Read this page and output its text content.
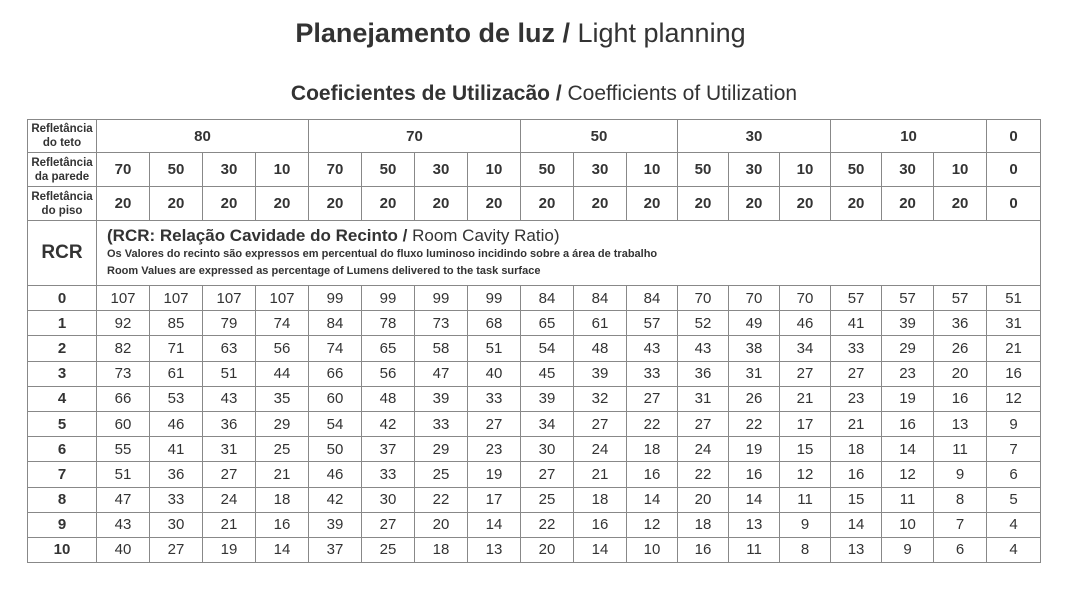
Planejamento de luz / Light planning
Coeficientes de Utilizacão / Coefficients of Utilization
Refletância
do teto	80				70				50			30			10			0
Refletância
da parede	70	50	30	10	70	50	30	10	50	30	10	50	30	10	50	30	10	0
Refletância
do piso	20	20	20	20	20	20	20	20	20	20	20	20	20	20	20	20	20	0
RCR	(RCR: Relação Cavidade do Recinto / Room Cavity Ratio)
Os Valores do recinto são expressos em percentual do fluxo luminoso incidindo sobre a área de trabalho
Room Values are expressed as percentage of Lumens delivered to the task surface																	

0	107	107	107	107	99	99	99	99	84	84	84	70	70	70	57	57	57	51
1	92	85	79	74	84	78	73	68	65	61	57	52	49	46	41	39	36	31
2	82	71	63	56	74	65	58	51	54	48	43	43	38	34	33	29	26	21
3	73	61	51	44	66	56	47	40	45	39	33	36	31	27	27	23	20	16
4	66	53	43	35	60	48	39	33	39	32	27	31	26	21	23	19	16	12
5	60	46	36	29	54	42	33	27	34	27	22	27	22	17	21	16	13	9
6	55	41	31	25	50	37	29	23	30	24	18	24	19	15	18	14	11	7
7	51	36	27	21	46	33	25	19	27	21	16	22	16	12	16	12	9	6
8	47	33	24	18	42	30	22	17	25	18	14	20	14	11	15	11	8	5
9	43	30	21	16	39	27	20	14	22	16	12	18	13	9	14	10	7	4
10	40	27	19	14	37	25	18	13	20	14	10	16	11	8	13	9	6	4
